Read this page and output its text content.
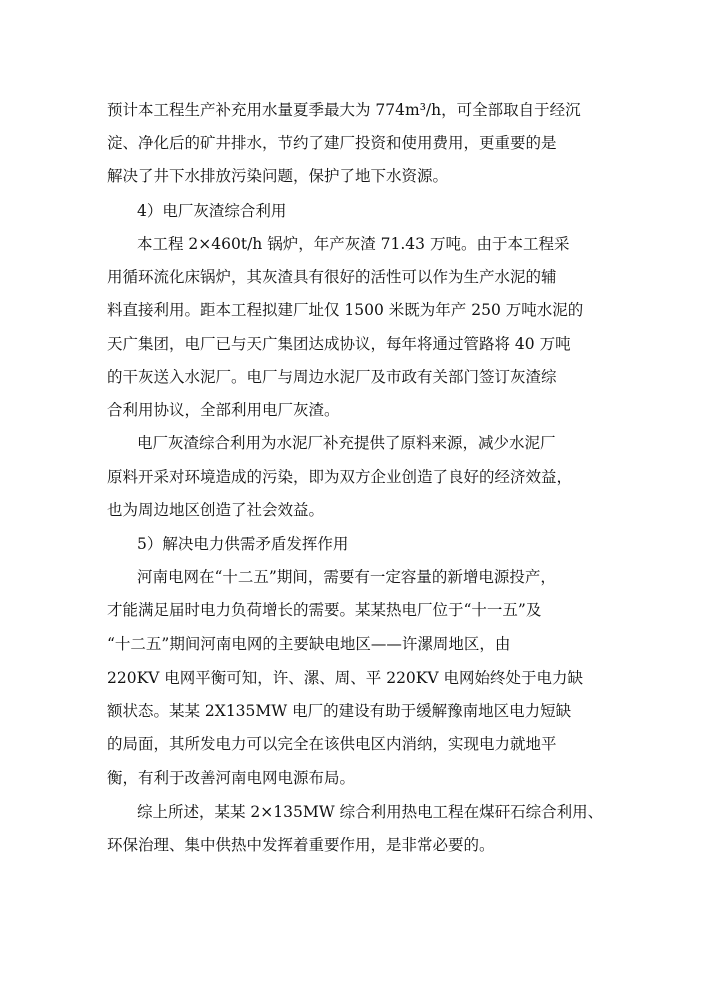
预计本工程生产补充用水量夏季最大为 774m³/h，可全部取自于经沉
淀、净化后的矿井排水，节约了建厂投资和使用费用，更重要的是
解决了井下水排放污染问题，保护了地下水资源。
4）电厂灰渣综合利用
本工程 2×460t/h 锅炉，年产灰渣 71.43 万吨。由于本工程采
用循环流化床锅炉，其灰渣具有很好的活性可以作为生产水泥的辅
料直接利用。距本工程拟建厂址仅 1500 米既为年产 250 万吨水泥的
天广集团，电厂已与天广集团达成协议，每年将通过管路将 40 万吨
的干灰送入水泥厂。电厂与周边水泥厂及市政有关部门签订灰渣综
合利用协议，全部利用电厂灰渣。
电厂灰渣综合利用为水泥厂补充提供了原料来源，减少水泥厂
原料开采对环境造成的污染，即为双方企业创造了良好的经济效益，
也为周边地区创造了社会效益。
5）解决电力供需矛盾发挥作用
河南电网在“十二五”期间，需要有一定容量的新增电源投产，
才能满足届时电力负荷增长的需要。某某热电厂位于“十一五”及
“十二五”期间河南电网的主要缺电地区——许漯周地区，由
220KV 电网平衡可知，许、漯、周、平 220KV 电网始终处于电力缺
额状态。某某 2X135MW 电厂的建设有助于缓解豫南地区电力短缺
的局面，其所发电力可以完全在该供电区内消纳，实现电力就地平
衡，有利于改善河南电网电源布局。
综上所述，某某 2×135MW 综合利用热电工程在煤矸石综合利用、
环保治理、集中供热中发挥着重要作用，是非常必要的。
